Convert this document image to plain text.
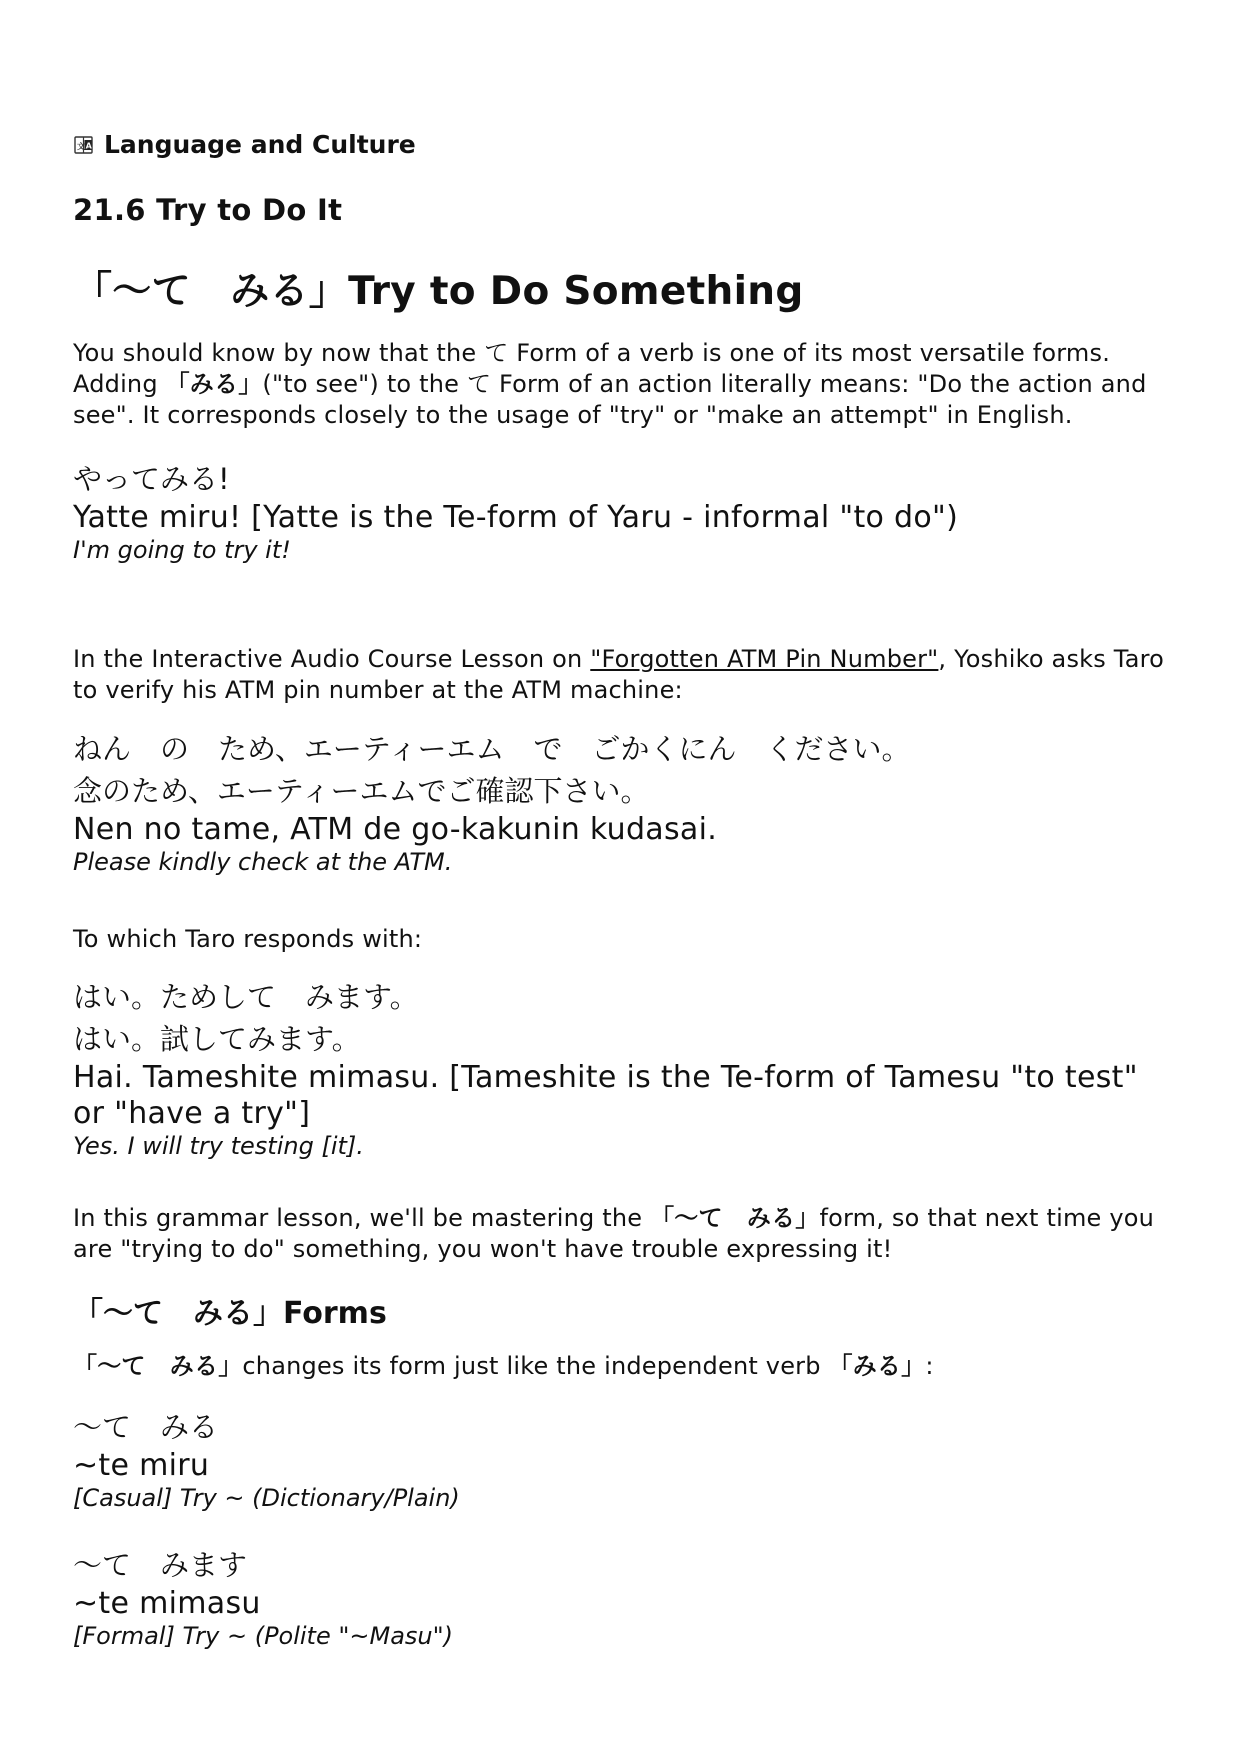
文 A Language and Culture
21.6 Try to Do It
「〜て　みる」Try to Do Something

You should know by now that the て Form of a verb is one of its most versatile forms.

Adding 「みる」("to see") to the て Form of an action literally means: "Do the action and see". It corresponds closely to the usage of "try" or "make an attempt" in English.

やってみる!

Yatte miru! [Yatte is the Te-form of Yaru - informal "to do")

I'm going to try it!

In the Interactive Audio Course Lesson on "Forgotten ATM Pin Number", Yoshiko asks Taro to verify his ATM pin number at the ATM machine:

ねん　の　ため、エーティーエム　で　ごかくにん　ください。

念のため、エーティーエムでご確認下さい。

Nen no tame, ATM de go-kakunin kudasai.

Please kindly check at the ATM.

To which Taro responds with:

はい。ためして　みます。

はい。試してみます。

Hai. Tameshite mimasu. [Tameshite is the Te-form of Tamesu "to test" or "have a try"]

Yes. I will try testing [it].

In this grammar lesson, we'll be mastering the 「〜て　みる」form, so that next time you are "trying to do" something, you won't have trouble expressing it!

「〜て　みる」Forms

「〜て　みる」changes its form just like the independent verb 「みる」:

〜て　みる

~te miru

[Casual] Try ~ (Dictionary/Plain)

〜て　みます

~te mimasu

[Formal] Try ~ (Polite "~Masu")
